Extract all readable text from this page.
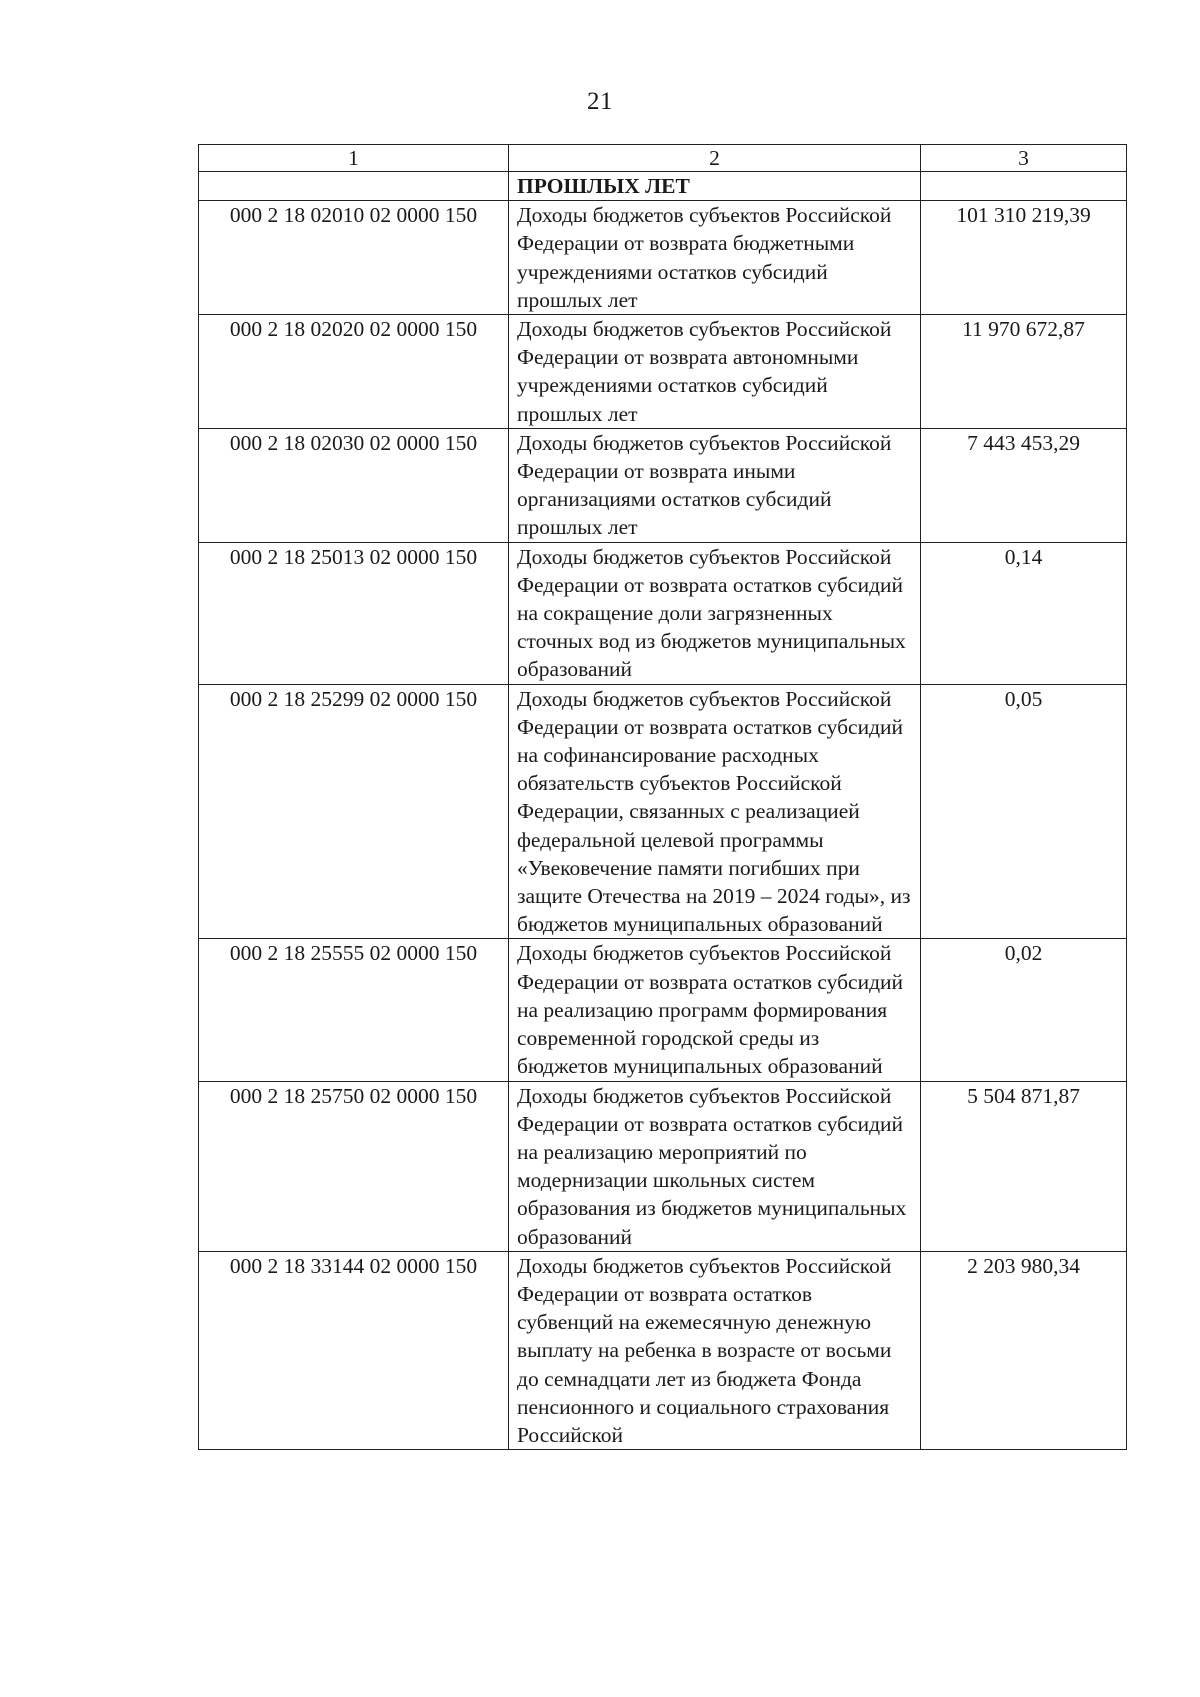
21
1	2	3
	ПРОШЛЫХ ЛЕТ	
000 2 18 02010 02 0000 150	Доходы бюджетов субъектов Российской Федерации от возврата бюджетными учреждениями остатков субсидий прошлых лет	101 310 219,39
000 2 18 02020 02 0000 150	Доходы бюджетов субъектов Российской Федерации от возврата автономными учреждениями остатков субсидий прошлых лет	11 970 672,87
000 2 18 02030 02 0000 150	Доходы бюджетов субъектов Российской Федерации от возврата иными организациями остатков субсидий прошлых лет	7 443 453,29
000 2 18 25013 02 0000 150	Доходы бюджетов субъектов Российской Федерации от возврата остатков субсидий на сокращение доли загрязненных сточных вод из бюджетов муниципальных образований	0,14
000 2 18 25299 02 0000 150	Доходы бюджетов субъектов Российской Федерации от возврата остатков субсидий на софинансирование расходных обязательств субъектов Российской Федерации, связанных с реализацией федеральной целевой программы «Увековечение памяти погибших при защите Отечества на 2019 – 2024 годы», из бюджетов муниципальных образований	0,05
000 2 18 25555 02 0000 150	Доходы бюджетов субъектов Российской Федерации от возврата остатков субсидий на реализацию программ формирования современной городской среды из бюджетов муниципальных образований	0,02
000 2 18 25750 02 0000 150	Доходы бюджетов субъектов Российской Федерации от возврата остатков субсидий на реализацию мероприятий по модернизации школьных систем образования из бюджетов муниципальных образований	5 504 871,87
000 2 18 33144 02 0000 150	Доходы бюджетов субъектов Российской Федерации от возврата остатков субвенций на ежемесячную денежную выплату на ребенка в возрасте от восьми до семнадцати лет из бюджета Фонда пенсионного и социального страхования Российской	2 203 980,34
